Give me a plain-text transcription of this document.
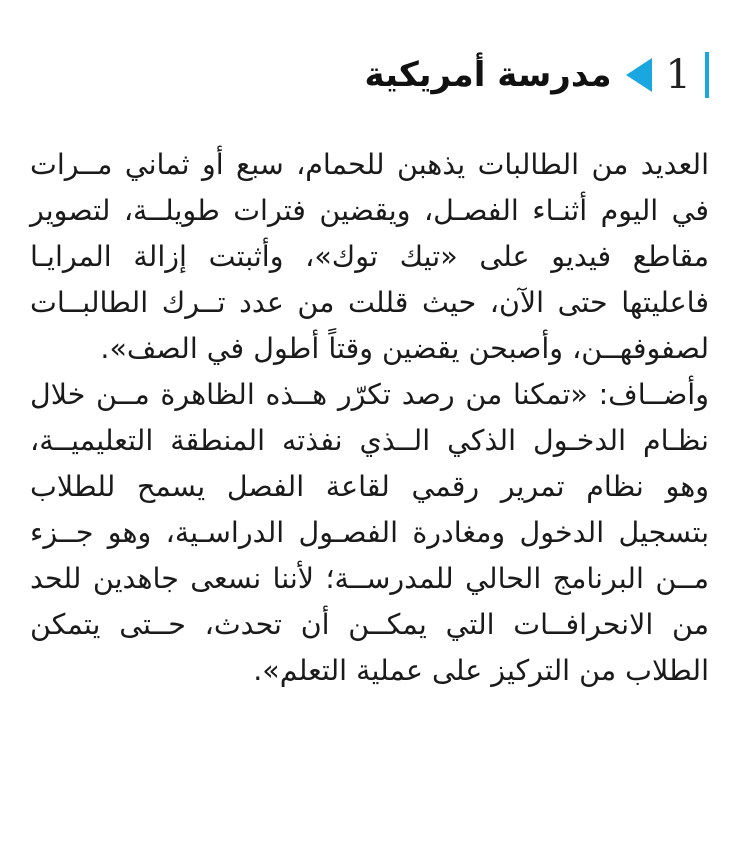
1
مدرسة أمريكية

العديد من الطالبات يذهبن للحمام، سبع أو ثماني مــرات في اليوم أثنـاء الفصـل، ويقضين فترات طويلــة، لتصوير مقاطع فيديو على «تيك توك»، وأثبتت إزالة المرايـا فاعليتها حتى الآن، حيث قللت من عدد تــرك الطالبــات لصفوفهــن، وأصبحن يقضين وقتاً أطول في الصف».

وأضــاف: «تمكنا من رصد تكرّر هــذه الظاهرة مــن خلال نظـام الدخـول الذكي الــذي نفذته المنطقة التعليميــة، وهو نظام تمرير رقمي لقاعة الفصل يسمح للطلاب بتسجيل الدخول ومغادرة الفصـول الدراسـية، وهو جــزء مــن البرنامج الحالي للمدرســة؛ لأننا نسعى جاهدين للحد من الانحرافــات التي يمكــن أن تحدث، حــتى يتمكن الطلاب من التركيز على عملية التعلم».
